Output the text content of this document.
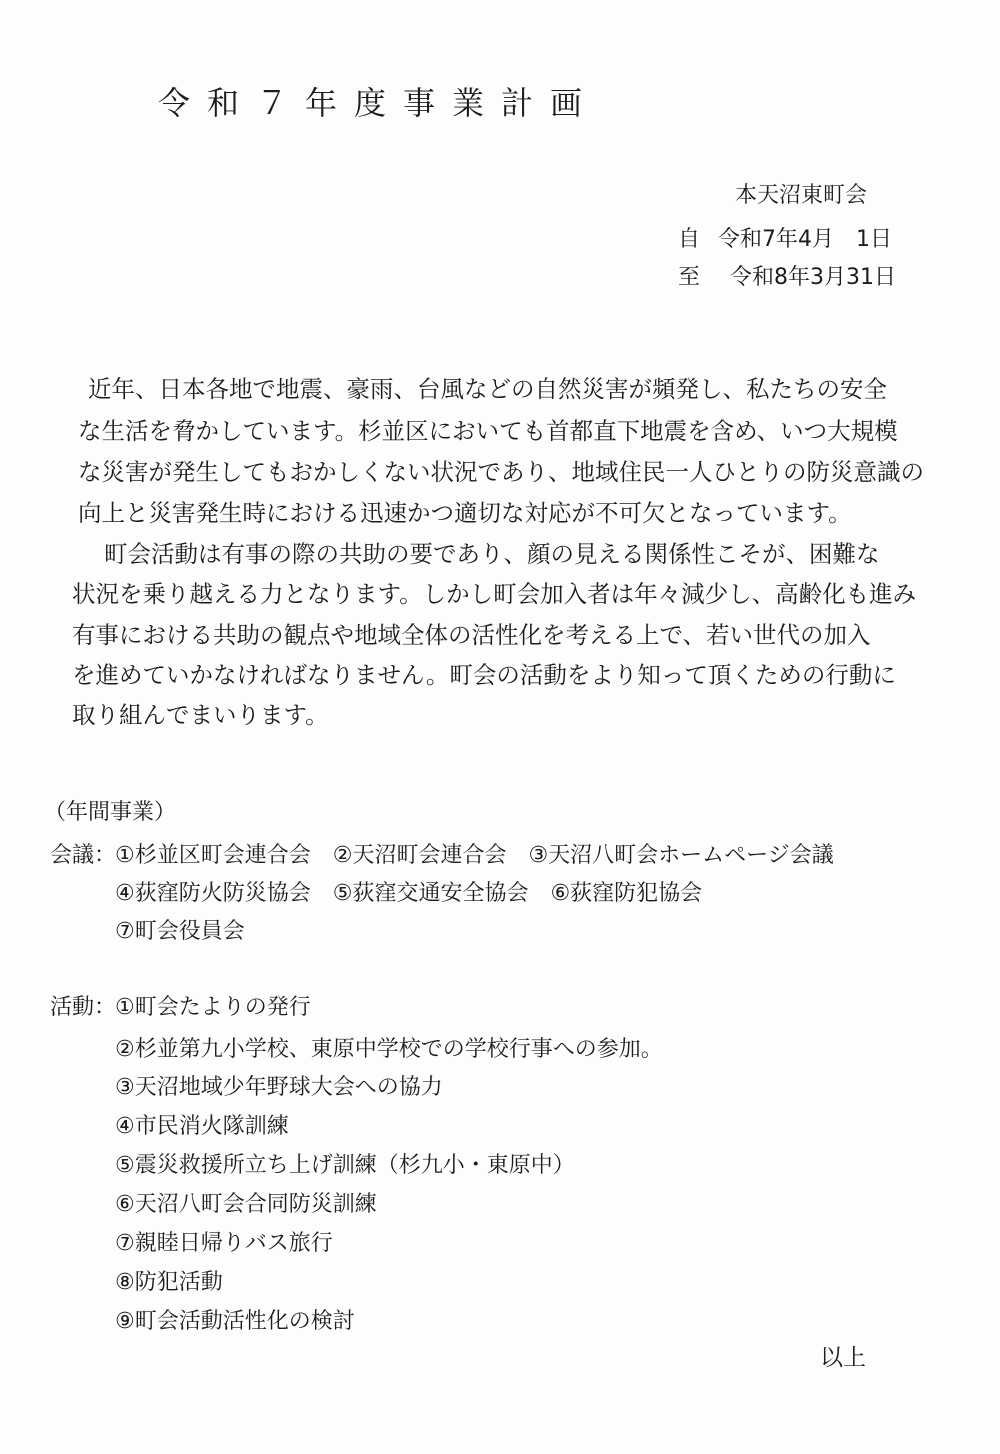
令和７年度事業計画
本天沼東町会
自 令和7年4月　1日
至 令和8年3月31日
近年、日本各地で地震、豪雨、台風などの自然災害が頻発し、私たちの安全
な生活を脅かしています。杉並区においても首都直下地震を含め、いつ大規模
な災害が発生してもおかしくない状況であり、地域住民一人ひとりの防災意識の
向上と災害発生時における迅速かつ適切な対応が不可欠となっています。
町会活動は有事の際の共助の要であり、顔の見える関係性こそが、困難な
状況を乗り越える力となります。しかし町会加入者は年々減少し、高齢化も進み
有事における共助の観点や地域全体の活性化を考える上で、若い世代の加入
を進めていかなければなりません。町会の活動をより知って頂くための行動に
取り組んでまいります。
（年間事業）
会議：
①杉並区町会連合会　②天沼町会連合会　③天沼八町会ホームページ会議
④荻窪防火防災協会　⑤荻窪交通安全協会　⑥荻窪防犯協会
⑦町会役員会
活動：
①町会たよりの発行
②杉並第九小学校、東原中学校での学校行事への参加。
③天沼地域少年野球大会への協力
④市民消火隊訓練
⑤震災救援所立ち上げ訓練（杉九小・東原中）
⑥天沼八町会合同防災訓練
⑦親睦日帰りバス旅行
⑧防犯活動
⑨町会活動活性化の検討
以上
